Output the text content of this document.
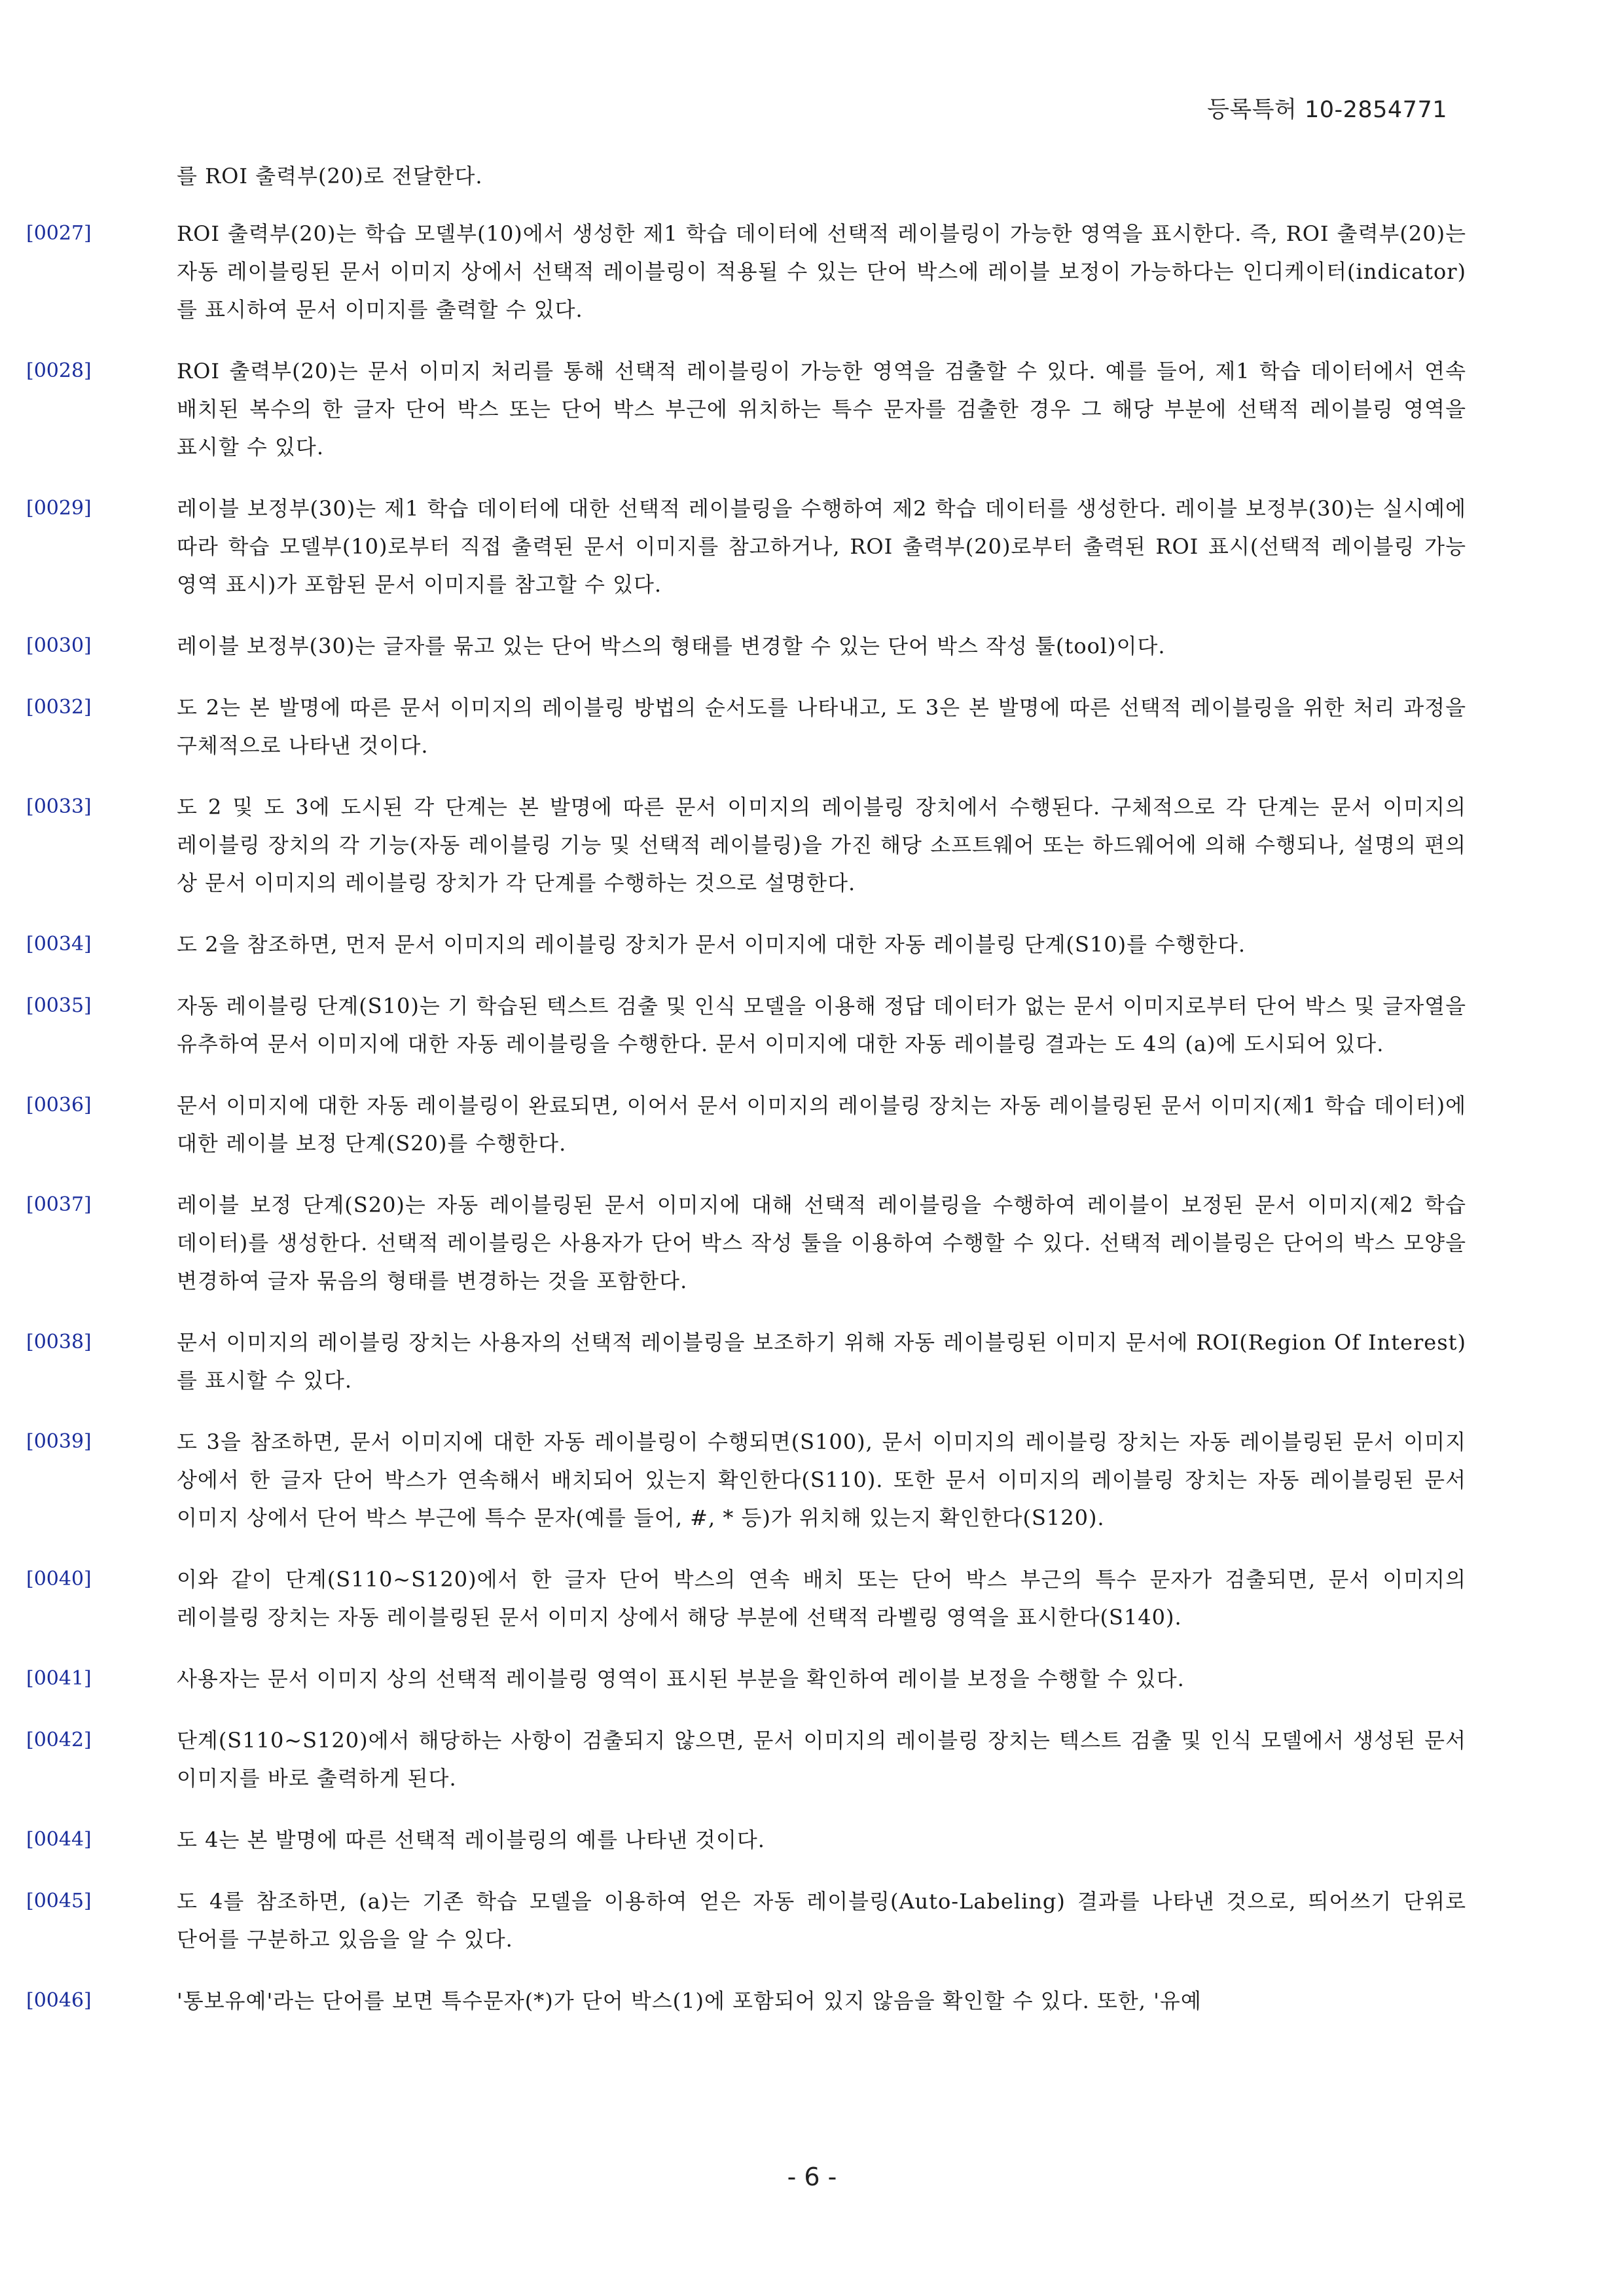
등록특허 10-2854771
를 ROI 출력부(20)로 전달한다.
[0027]	ROI 출력부(20)는 학습 모델부(10)에서 생성한 제1 학습 데이터에 선택적 레이블링이 가능한 영역을 표시한다. 즉, ROI 출력부(20)는 자동 레이블링된 문서 이미지 상에서 선택적 레이블링이 적용될 수 있는 단어 박스에 레이블 보정이 가능하다는 인디케이터(indicator)를 표시하여 문서 이미지를 출력할 수 있다.
[0028]	ROI 출력부(20)는 문서 이미지 처리를 통해 선택적 레이블링이 가능한 영역을 검출할 수 있다. 예를 들어, 제1 학습 데이터에서 연속 배치된 복수의 한 글자 단어 박스 또는 단어 박스 부근에 위치하는 특수 문자를 검출한 경우 그 해당 부분에 선택적 레이블링 영역을 표시할 수 있다.
[0029]	레이블 보정부(30)는 제1 학습 데이터에 대한 선택적 레이블링을 수행하여 제2 학습 데이터를 생성한다. 레이블 보정부(30)는 실시예에 따라 학습 모델부(10)로부터 직접 출력된 문서 이미지를 참고하거나, ROI 출력부(20)로부터 출력된 ROI 표시(선택적 레이블링 가능 영역 표시)가 포함된 문서 이미지를 참고할 수 있다.
[0030]	레이블 보정부(30)는 글자를 묶고 있는 단어 박스의 형태를 변경할 수 있는 단어 박스 작성 툴(tool)이다.
[0032]	도 2는 본 발명에 따른 문서 이미지의 레이블링 방법의 순서도를 나타내고, 도 3은 본 발명에 따른 선택적 레이블링을 위한 처리 과정을 구체적으로 나타낸 것이다.
[0033]	도 2 및 도 3에 도시된 각 단계는 본 발명에 따른 문서 이미지의 레이블링 장치에서 수행된다. 구체적으로 각 단계는 문서 이미지의 레이블링 장치의 각 기능(자동 레이블링 기능 및 선택적 레이블링)을 가진 해당 소프트웨어 또는 하드웨어에 의해 수행되나, 설명의 편의 상 문서 이미지의 레이블링 장치가 각 단계를 수행하는 것으로 설명한다.
[0034]	도 2을 참조하면, 먼저 문서 이미지의 레이블링 장치가 문서 이미지에 대한 자동 레이블링 단계(S10)를 수행한다.
[0035]	자동 레이블링 단계(S10)는 기 학습된 텍스트 검출 및 인식 모델을 이용해 정답 데이터가 없는 문서 이미지로부터 단어 박스 및 글자열을 유추하여 문서 이미지에 대한 자동 레이블링을 수행한다. 문서 이미지에 대한 자동 레이블링 결과는 도 4의 (a)에 도시되어 있다.
[0036]	문서 이미지에 대한 자동 레이블링이 완료되면, 이어서 문서 이미지의 레이블링 장치는 자동 레이블링된 문서 이미지(제1 학습 데이터)에 대한 레이블 보정 단계(S20)를 수행한다.
[0037]	레이블 보정 단계(S20)는 자동 레이블링된 문서 이미지에 대해 선택적 레이블링을 수행하여 레이블이 보정된 문서 이미지(제2 학습 데이터)를 생성한다. 선택적 레이블링은 사용자가 단어 박스 작성 툴을 이용하여 수행할 수 있다. 선택적 레이블링은 단어의 박스 모양을 변경하여 글자 묶음의 형태를 변경하는 것을 포함한다.
[0038]	문서 이미지의 레이블링 장치는 사용자의 선택적 레이블링을 보조하기 위해 자동 레이블링된 이미지 문서에 ROI(Region Of Interest)를 표시할 수 있다.
[0039]	도 3을 참조하면, 문서 이미지에 대한 자동 레이블링이 수행되면(S100), 문서 이미지의 레이블링 장치는 자동 레이블링된 문서 이미지 상에서 한 글자 단어 박스가 연속해서 배치되어 있는지 확인한다(S110). 또한 문서 이미지의 레이블링 장치는 자동 레이블링된 문서 이미지 상에서 단어 박스 부근에 특수 문자(예를 들어, #, * 등)가 위치해 있는지 확인한다(S120).
[0040]	이와 같이 단계(S110~S120)에서 한 글자 단어 박스의 연속 배치 또는 단어 박스 부근의 특수 문자가 검출되면, 문서 이미지의 레이블링 장치는 자동 레이블링된 문서 이미지 상에서 해당 부분에 선택적 라벨링 영역을 표시한다(S140).
[0041]	사용자는 문서 이미지 상의 선택적 레이블링 영역이 표시된 부분을 확인하여 레이블 보정을 수행할 수 있다.
[0042]	단계(S110~S120)에서 해당하는 사항이 검출되지 않으면, 문서 이미지의 레이블링 장치는 텍스트 검출 및 인식 모델에서 생성된 문서 이미지를 바로 출력하게 된다.
[0044]	도 4는 본 발명에 따른 선택적 레이블링의 예를 나타낸 것이다.
[0045]	도 4를 참조하면, (a)는 기존 학습 모델을 이용하여 얻은 자동 레이블링(Auto-Labeling) 결과를 나타낸 것으로, 띄어쓰기 단위로 단어를 구분하고 있음을 알 수 있다.
[0046]	'통보유예'라는 단어를 보면 특수문자(*)가 단어 박스(1)에 포함되어 있지 않음을 확인할 수 있다. 또한, '유예
- 6 -
